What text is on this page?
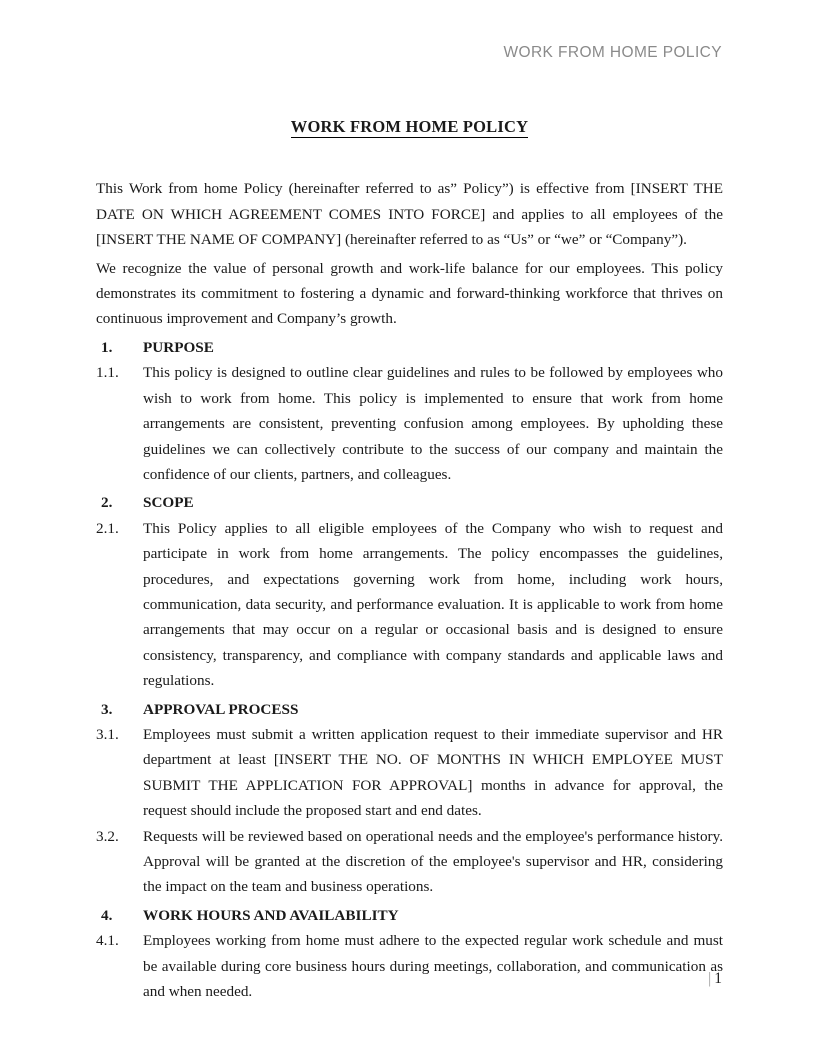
WORK FROM HOME POLICY
WORK FROM HOME POLICY

This Work from home Policy (hereinafter referred to as” Policy”) is effective from [INSERT THE DATE ON WHICH AGREEMENT COMES INTO FORCE] and applies to all employees of the [INSERT THE NAME OF COMPANY] (hereinafter referred to as “Us” or “we” or “Company”).

We recognize the value of personal growth and work-life balance for our employees. This policy demonstrates its commitment to fostering a dynamic and forward-thinking workforce that thrives on continuous improvement and Company’s growth.

1.	PURPOSE
1.1.	This policy is designed to outline clear guidelines and rules to be followed by employees who wish to work from home. This policy is implemented to ensure that work from home arrangements are consistent, preventing confusion among employees. By upholding these guidelines we can collectively contribute to the success of our company and maintain the confidence of our clients, partners, and colleagues.
2.	SCOPE
2.1.	This Policy applies to all eligible employees of the Company who wish to request and participate in work from home arrangements. The policy encompasses the guidelines, procedures, and expectations governing work from home, including work hours, communication, data security, and performance evaluation. It is applicable to work from home arrangements that may occur on a regular or occasional basis and is designed to ensure consistency, transparency, and compliance with company standards and applicable laws and regulations.
3.	APPROVAL PROCESS
3.1.	Employees must submit a written application request to their immediate supervisor and HR department at least [INSERT THE NO. OF MONTHS IN WHICH EMPLOYEE MUST SUBMIT THE APPLICATION FOR APPROVAL] months in advance for approval, the request should include the proposed start and end dates.
3.2.	Requests will be reviewed based on operational needs and the employee's performance history. Approval will be granted at the discretion of the employee's supervisor and HR, considering the impact on the team and business operations.
4.	WORK HOURS AND AVAILABILITY
4.1.	Employees working from home must adhere to the expected regular work schedule and must be available during core business hours during meetings, collaboration, and communication as and when needed.
| 1
